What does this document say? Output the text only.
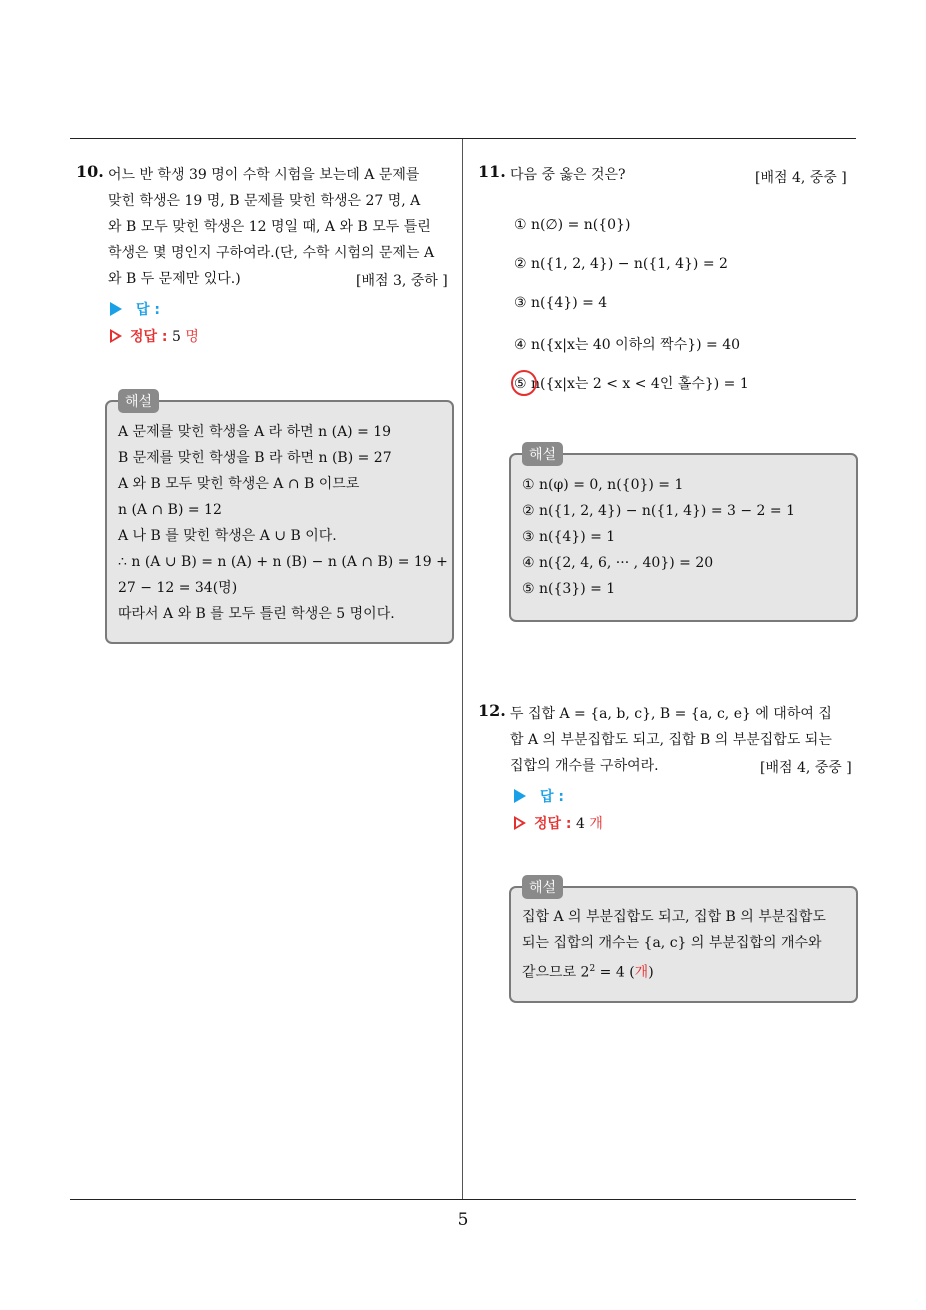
5
10. 어느 반 학생 39 명이 수학 시험을 보는데 A 문제를
맞힌 학생은 19 명, B 문제를 맞힌 학생은 27 명, A
와 B 모두 맞힌 학생은 12 명일 때, A 와 B 모두 틀린
학생은 몇 명인지 구하여라.(단, 수학 시험의 문제는 A
와 B 두 문제만 있다.)	[배점 3, 중하 ]
답 :
정답 : 5 명
해설
A 문제를 맞힌 학생을 A 라 하면 n (A) = 19
B 문제를 맞힌 학생을 B 라 하면 n (B) = 27
A 와 B 모두 맞힌 학생은 A ∩ B 이므로
n (A ∩ B) = 12
A 나 B 를 맞힌 학생은 A ∪ B 이다.
∴ n (A ∪ B) = n (A) + n (B) − n (A ∩ B) = 19 +
27 − 12 = 34(명)
따라서 A 와 B 를 모두 틀린 학생은 5 명이다.
11. 다음 중 옳은 것은?	[배점 4, 중중 ]
① n(∅) = n({0})
② n({1, 2, 4}) − n({1, 4}) = 2
③ n({4}) = 4
④ n({x|x는 40 이하의 짝수}) = 40
⑤ n({x|x는 2 < x < 4인 홀수}) = 1
해설
① n(φ) = 0, n({0}) = 1
② n({1, 2, 4}) − n({1, 4}) = 3 − 2 = 1
③ n({4}) = 1
④ n({2, 4, 6, ··· , 40}) = 20
⑤ n({3}) = 1
12. 두 집합 A = {a, b, c}, B = {a, c, e} 에 대하여 집
합 A 의 부분집합도 되고, 집합 B 의 부분집합도 되는
집합의 개수를 구하여라.	[배점 4, 중중 ]
답 :
정답 : 4 개
해설
집합 A 의 부분집합도 되고, 집합 B 의 부분집합도
되는 집합의 개수는 {a, c} 의 부분집합의 개수와
같으므로 $2^2 = 4$ (개)
